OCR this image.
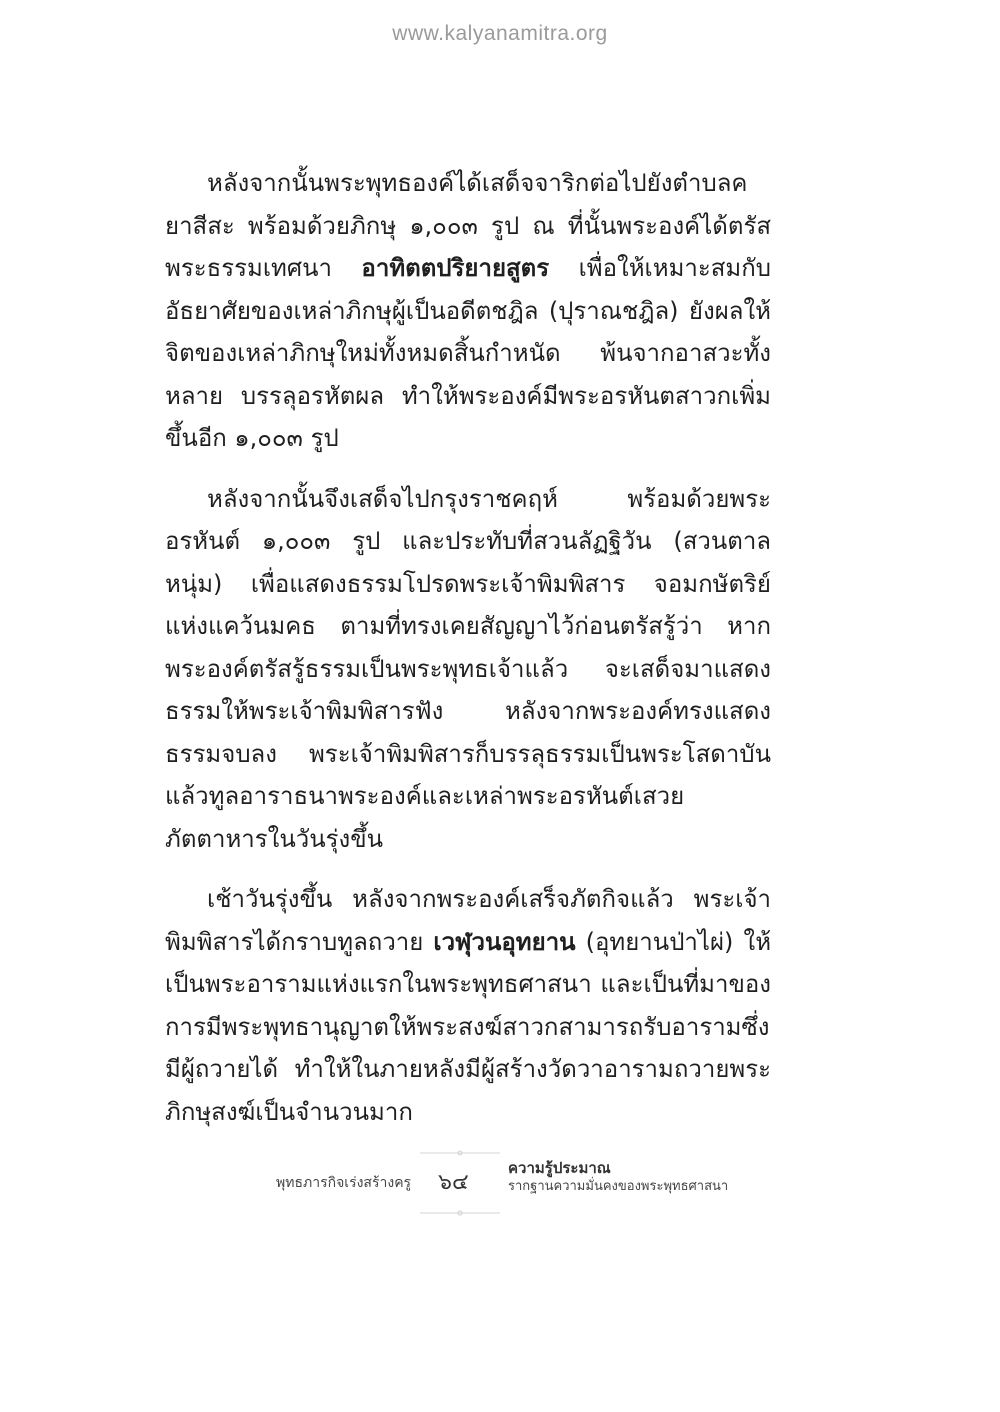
www.kalyanamitra.org

หลังจากนั้นพระพุทธองค์ได้เสด็จจาริกต่อไปยังตำบลคยาสีสะ พร้อมด้วยภิกษุ ๑,๐๐๓ รูป ณ ที่นั้นพระองค์ได้ตรัสพระธรรมเทศนา อาทิตตปริยายสูตร เพื่อให้เหมาะสมกับอัธยาศัยของเหล่าภิกษุผู้เป็นอดีตชฎิล (ปุราณชฎิล) ยังผลให้จิตของเหล่าภิกษุใหม่ทั้งหมดสิ้นกำหนัด พ้นจากอาสวะทั้งหลาย บรรลุอรหัตผล ทำให้พระองค์มีพระอรหันตสาวกเพิ่มขึ้นอีก ๑,๐๐๓ รูป

หลังจากนั้นจึงเสด็จไปกรุงราชคฤห์ พร้อมด้วยพระอรหันต์ ๑,๐๐๓ รูป และประทับที่สวนลัฏฐิวัน (สวนตาลหนุ่ม) เพื่อแสดงธรรมโปรดพระเจ้าพิมพิสาร จอมกษัตริย์แห่งแคว้นมคธ ตามที่ทรงเคยสัญญาไว้ก่อนตรัสรู้ว่า หากพระองค์ตรัสรู้ธรรมเป็นพระพุทธเจ้าแล้ว จะเสด็จมาแสดงธรรมให้พระเจ้าพิมพิสารฟัง หลังจากพระองค์ทรงแสดงธรรมจบลง พระเจ้าพิมพิสารก็บรรลุธรรมเป็นพระโสดาบัน แล้วทูลอาราธนาพระองค์และเหล่าพระอรหันต์เสวยภัตตาหารในวันรุ่งขึ้น

เช้าวันรุ่งขึ้น หลังจากพระองค์เสร็จภัตกิจแล้ว พระเจ้าพิมพิสารได้กราบทูลถวาย เวฬุวนอุทยาน (อุทยานป่าไผ่) ให้เป็นพระอารามแห่งแรกในพระพุทธศาสนา และเป็นที่มาของการมีพระพุทธานุญาตให้พระสงฆ์สาวกสามารถรับอารามซึ่งมีผู้ถวายได้ ทำให้ในภายหลังมีผู้สร้างวัดวาอารามถวายพระภิกษุสงฆ์เป็นจำนวนมาก

พุทธภารกิจเร่งสร้างครู ๖๔
ความรู้ประมาณ
รากฐานความมั่นคงของพระพุทธศาสนา
